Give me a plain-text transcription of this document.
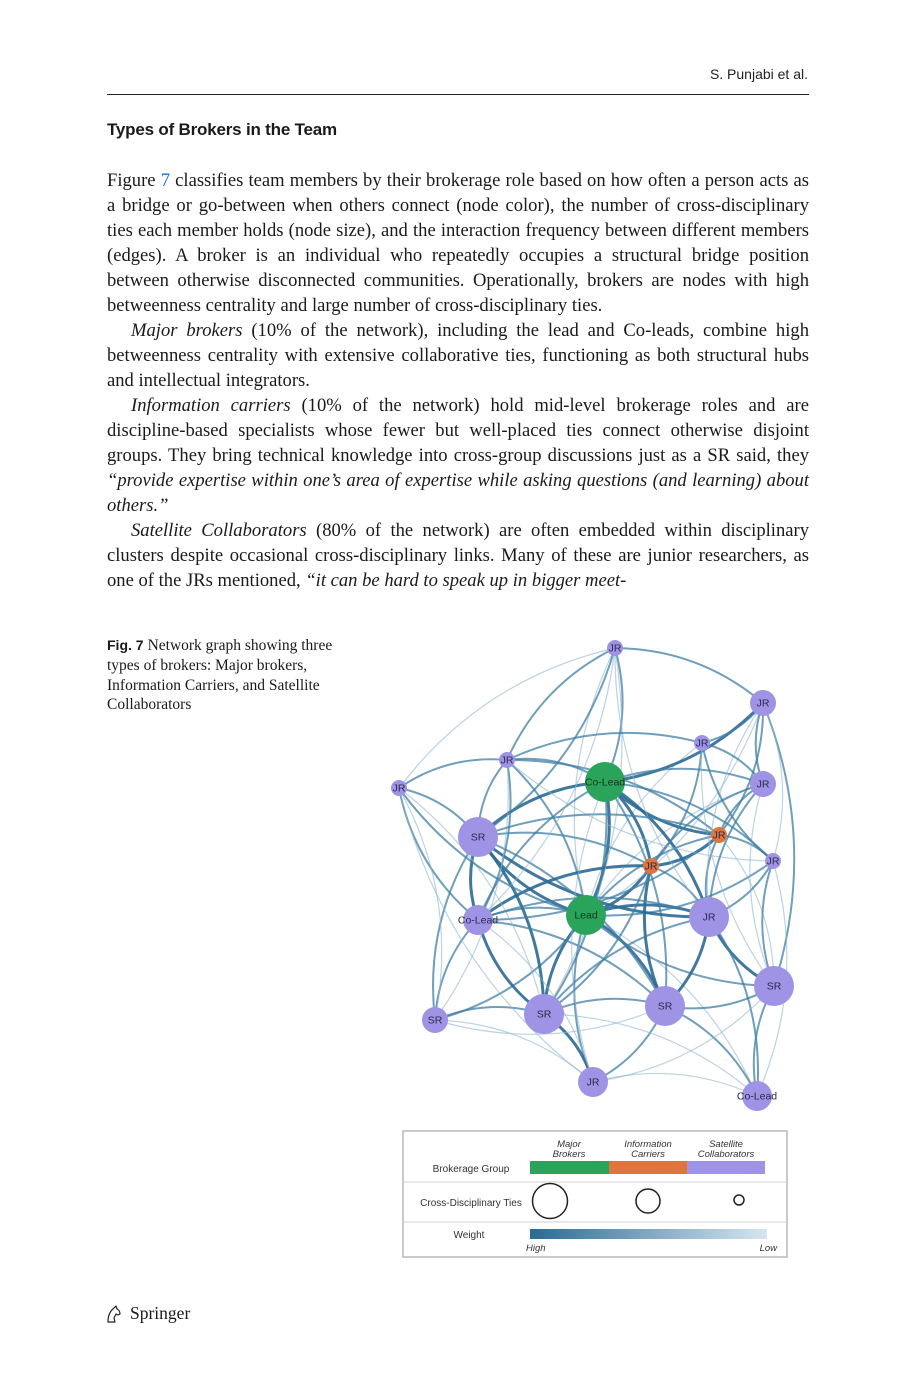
S. Punjabi et al.
Types of Brokers in the Team

Figure 7 classifies team members by their brokerage role based on how often a person acts as a bridge or go-between when others connect (node color), the number of cross-disciplinary ties each member holds (node size), and the interaction frequency between different members (edges). A broker is an individual who repeatedly occupies a structural bridge position between otherwise disconnected communities. Operationally, brokers are nodes with high betweenness centrality and large number of cross-disciplinary ties.

Major brokers (10% of the network), including the lead and Co-leads, combine high betweenness centrality with extensive collaborative ties, functioning as both structural hubs and intellectual integrators.

Information carriers (10% of the network) hold mid-level brokerage roles and are discipline-based specialists whose fewer but well-placed ties connect otherwise disjoint groups. They bring technical knowledge into cross-group discussions just as a SR said, they “provide expertise within one’s area of expertise while asking questions (and learning) about others.”

Satellite Collaborators (80% of the network) are often embedded within disciplinary clusters despite occasional cross-disciplinary links. Many of these are junior researchers, as one of the JRs mentioned, “it can be hard to speak up in bigger meet-

Fig. 7 Network graph showing three types of brokers: Major brokers, Information Carriers, and Satellite Collaborators
JR
JR
JR
JR	Co-Lead
JR
JR
SR	JR
JR	JR
Co-Lead	Lead	JR
SR
SR	SR
SR
JR
Co-Lead
Brokerage Group
Cross-Disciplinary Ties
Weight
Major Brokers
Information Carriers
Satellite Collaborators
High	Low
Springer
